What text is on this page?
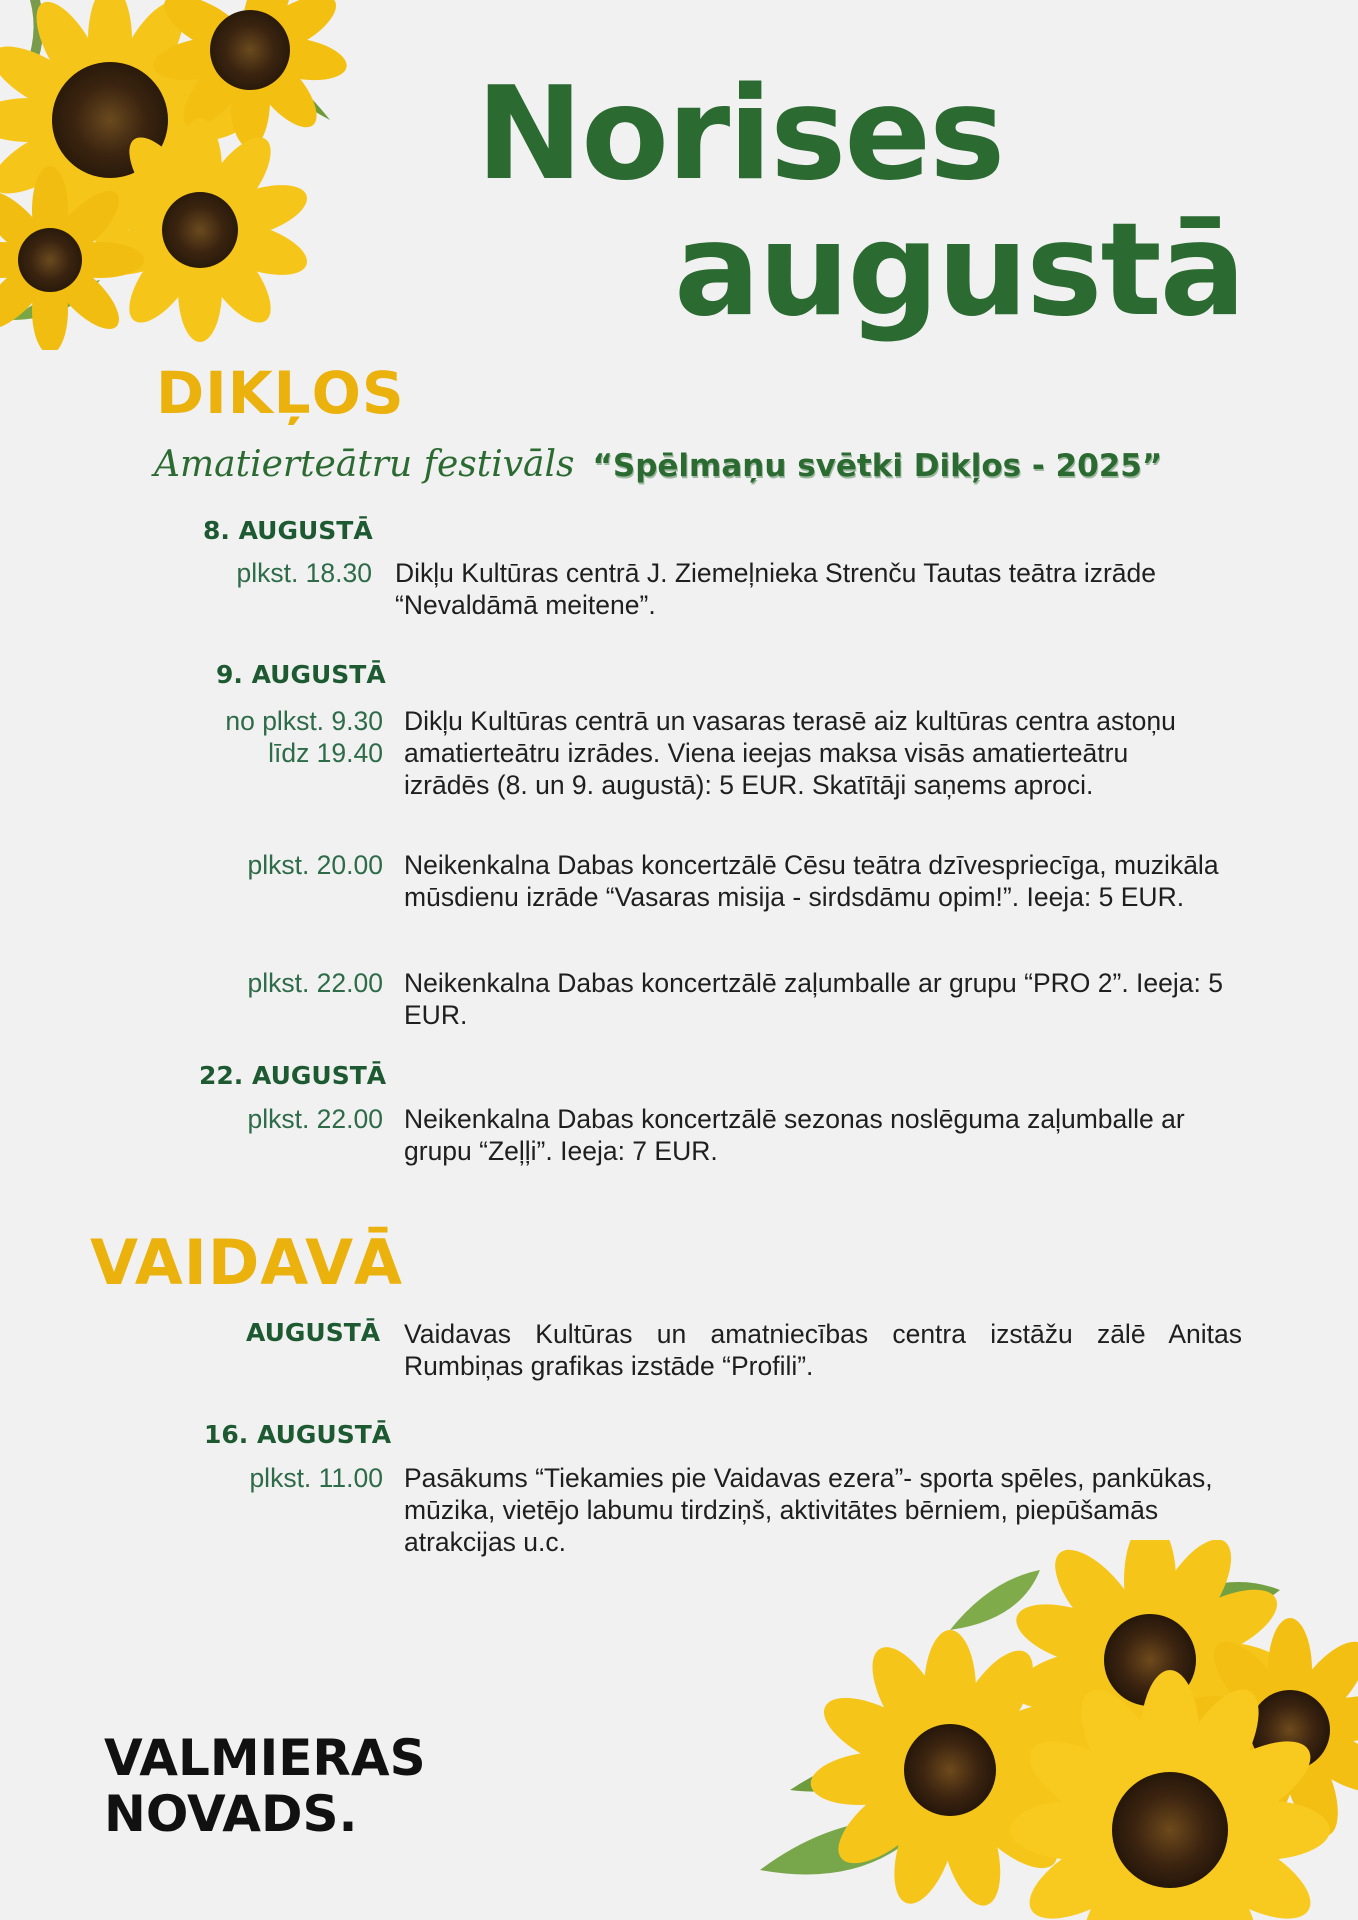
Norises
augustā
DIKĻOS
Amatierteātru festivāls “Spēlmaņu svētki Dikļos - 2025”
8. AUGUSTĀ
plkst. 18.30 Dikļu Kultūras centrā J. Ziemeļnieka Strenču Tautas teātra izrāde “Nevaldāmā meitene”.
9. AUGUSTĀ
no plkst. 9.30
līdz 19.40
Dikļu Kultūras centrā un vasaras terasē aiz kultūras centra astoņu amatierteātru izrādes. Viena ieejas maksa visās amatierteātru izrādēs (8. un 9. augustā): 5 EUR. Skatītāji saņems aproci.
plkst. 20.00 Neikenkalna Dabas koncertzālē Cēsu teātra dzīvespriecīga, muzikāla mūsdienu izrāde “Vasaras misija - sirdsdāmu opim!”. Ieeja: 5 EUR.
plkst. 22.00 Neikenkalna Dabas koncertzālē zaļumballe ar grupu “PRO 2”. Ieeja: 5 EUR.
22. AUGUSTĀ
plkst. 22.00 Neikenkalna Dabas koncertzālē sezonas noslēguma zaļumballe ar grupu “Zeļļi”. Ieeja: 7 EUR.
VAIDAVĀ
AUGUSTĀ Vaidavas Kultūras un amatniecības centra izstāžu zālē Anitas Rumbiņas grafikas izstāde “Profili”.
16. AUGUSTĀ
plkst. 11.00 Pasākums “Tiekamies pie Vaidavas ezera”- sporta spēles, pankūkas, mūzika, vietējo labumu tirdziņš, aktivitātes bērniem, piepūšamās atrakcijas u.c.
VALMIERAS
NOVADS.
